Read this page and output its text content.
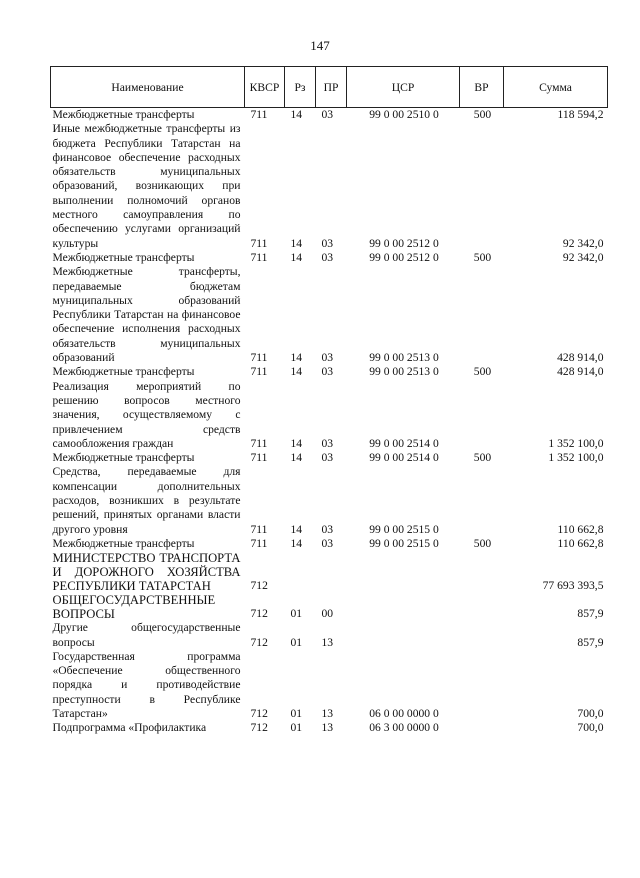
147
Наименование	КВСР	Рз	ПР	ЦСР	ВР	Сумма
Межбюджетные трансферты	711	14	03	99 0 00 2510 0	500	118 594,2
Иные межбюджетные трансферты из бюджета Республики Татарстан на финансовое обеспечение расходных обязательств муниципальных образований, возникающих при выполнении полномочий органов местного самоуправления по обеспечению услугами организаций культуры	711	14	03	99 0 00 2512 0		92 342,0
Межбюджетные трансферты	711	14	03	99 0 00 2512 0	500	92 342,0
Межбюджетные трансферты, передаваемые бюджетам муниципальных образований Республики Татарстан на финансовое обеспечение исполнения расходных обязательств муниципальных образований	711	14	03	99 0 00 2513 0		428 914,0
Межбюджетные трансферты	711	14	03	99 0 00 2513 0	500	428 914,0
Реализация мероприятий по решению вопросов местного значения, осуществляемому с привлечением средств самообложения граждан	711	14	03	99 0 00 2514 0		1 352 100,0
Межбюджетные трансферты	711	14	03	99 0 00 2514 0	500	1 352 100,0
Средства, передаваемые для компенсации дополнительных расходов, возникших в результате решений, принятых органами власти другого уровня	711	14	03	99 0 00 2515 0		110 662,8
Межбюджетные трансферты	711	14	03	99 0 00 2515 0	500	110 662,8
МИНИСТЕРСТВО ТРАНСПОРТА И ДОРОЖНОГО ХОЗЯЙСТВА РЕСПУБЛИКИ ТАТАРСТАН	712					77 693 393,5
ОБЩЕГОСУДАРСТВЕННЫЕ ВОПРОСЫ	712	01	00			857,9
Другие общегосударственные вопросы	712	01	13			857,9
Государственная программа «Обеспечение общественного порядка и противодействие преступности в Республике Татарстан»	712	01	13	06 0 00 0000 0		700,0
Подпрограмма «Профилактика	712	01	13	06 3 00 0000 0		700,0
